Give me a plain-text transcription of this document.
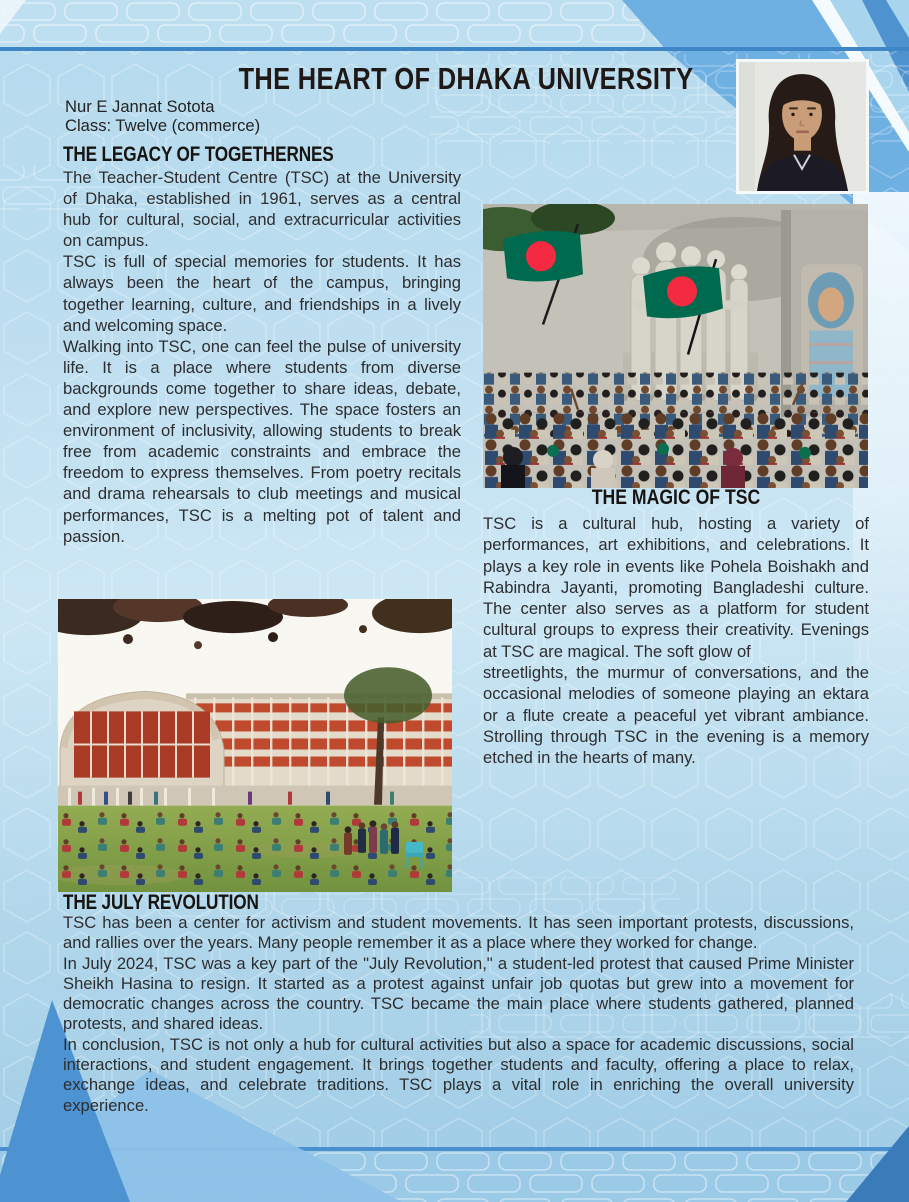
THE HEART OF DHAKA UNIVERSITY
Nur E Jannat Sotota
Class: Twelve (commerce)
THE LEGACY OF TOGETHERNES

The Teacher-Student Centre (TSC) at the University of Dhaka, established in 1961, serves as a central hub for cultural, social, and extracurricular activities on campus.

TSC is full of special memories for students. It has always been the heart of the campus, bringing together learning, culture, and friendships in a lively and welcoming space.

Walking into TSC, one can feel the pulse of university life. It is a place where students from diverse backgrounds come together to share ideas, debate, and explore new perspectives. The space fosters an environment of inclusivity, allowing students to break free from academic constraints and embrace the freedom to express themselves. From poetry recitals and drama rehearsals to club meetings and musical performances, TSC is a melting pot of talent and passion.

THE MAGIC OF TSC

TSC is a cultural hub, hosting a variety of performances, art exhibitions, and celebrations. It plays a key role in events like Pohela Boishakh and Rabindra Jayanti, promoting Bangladeshi culture. The center also serves as a platform for student cultural groups to express their creativity. Evenings at TSC are magical. The soft glow of

streetlights, the murmur of conversations, and the occasional melodies of someone playing an ektara or a flute create a peaceful yet vibrant ambiance. Strolling through TSC in the evening is a memory etched in the hearts of many.

THE JULY REVOLUTION

TSC has been a center for activism and student movements. It has seen important protests, discussions, and rallies over the years. Many people remember it as a place where they worked for change.

In July 2024, TSC was a key part of the "July Revolution," a student-led protest that caused Prime Minister Sheikh Hasina to resign. It started as a protest against unfair job quotas but grew into a movement for democratic changes across the country. TSC became the main place where students gathered, planned protests, and shared ideas.

In conclusion, TSC is not only a hub for cultural activities but also a space for academic discussions, social interactions, and student engagement. It brings together students and faculty, offering a place to relax, exchange ideas, and celebrate traditions. TSC plays a vital role in enriching the overall university experience.
